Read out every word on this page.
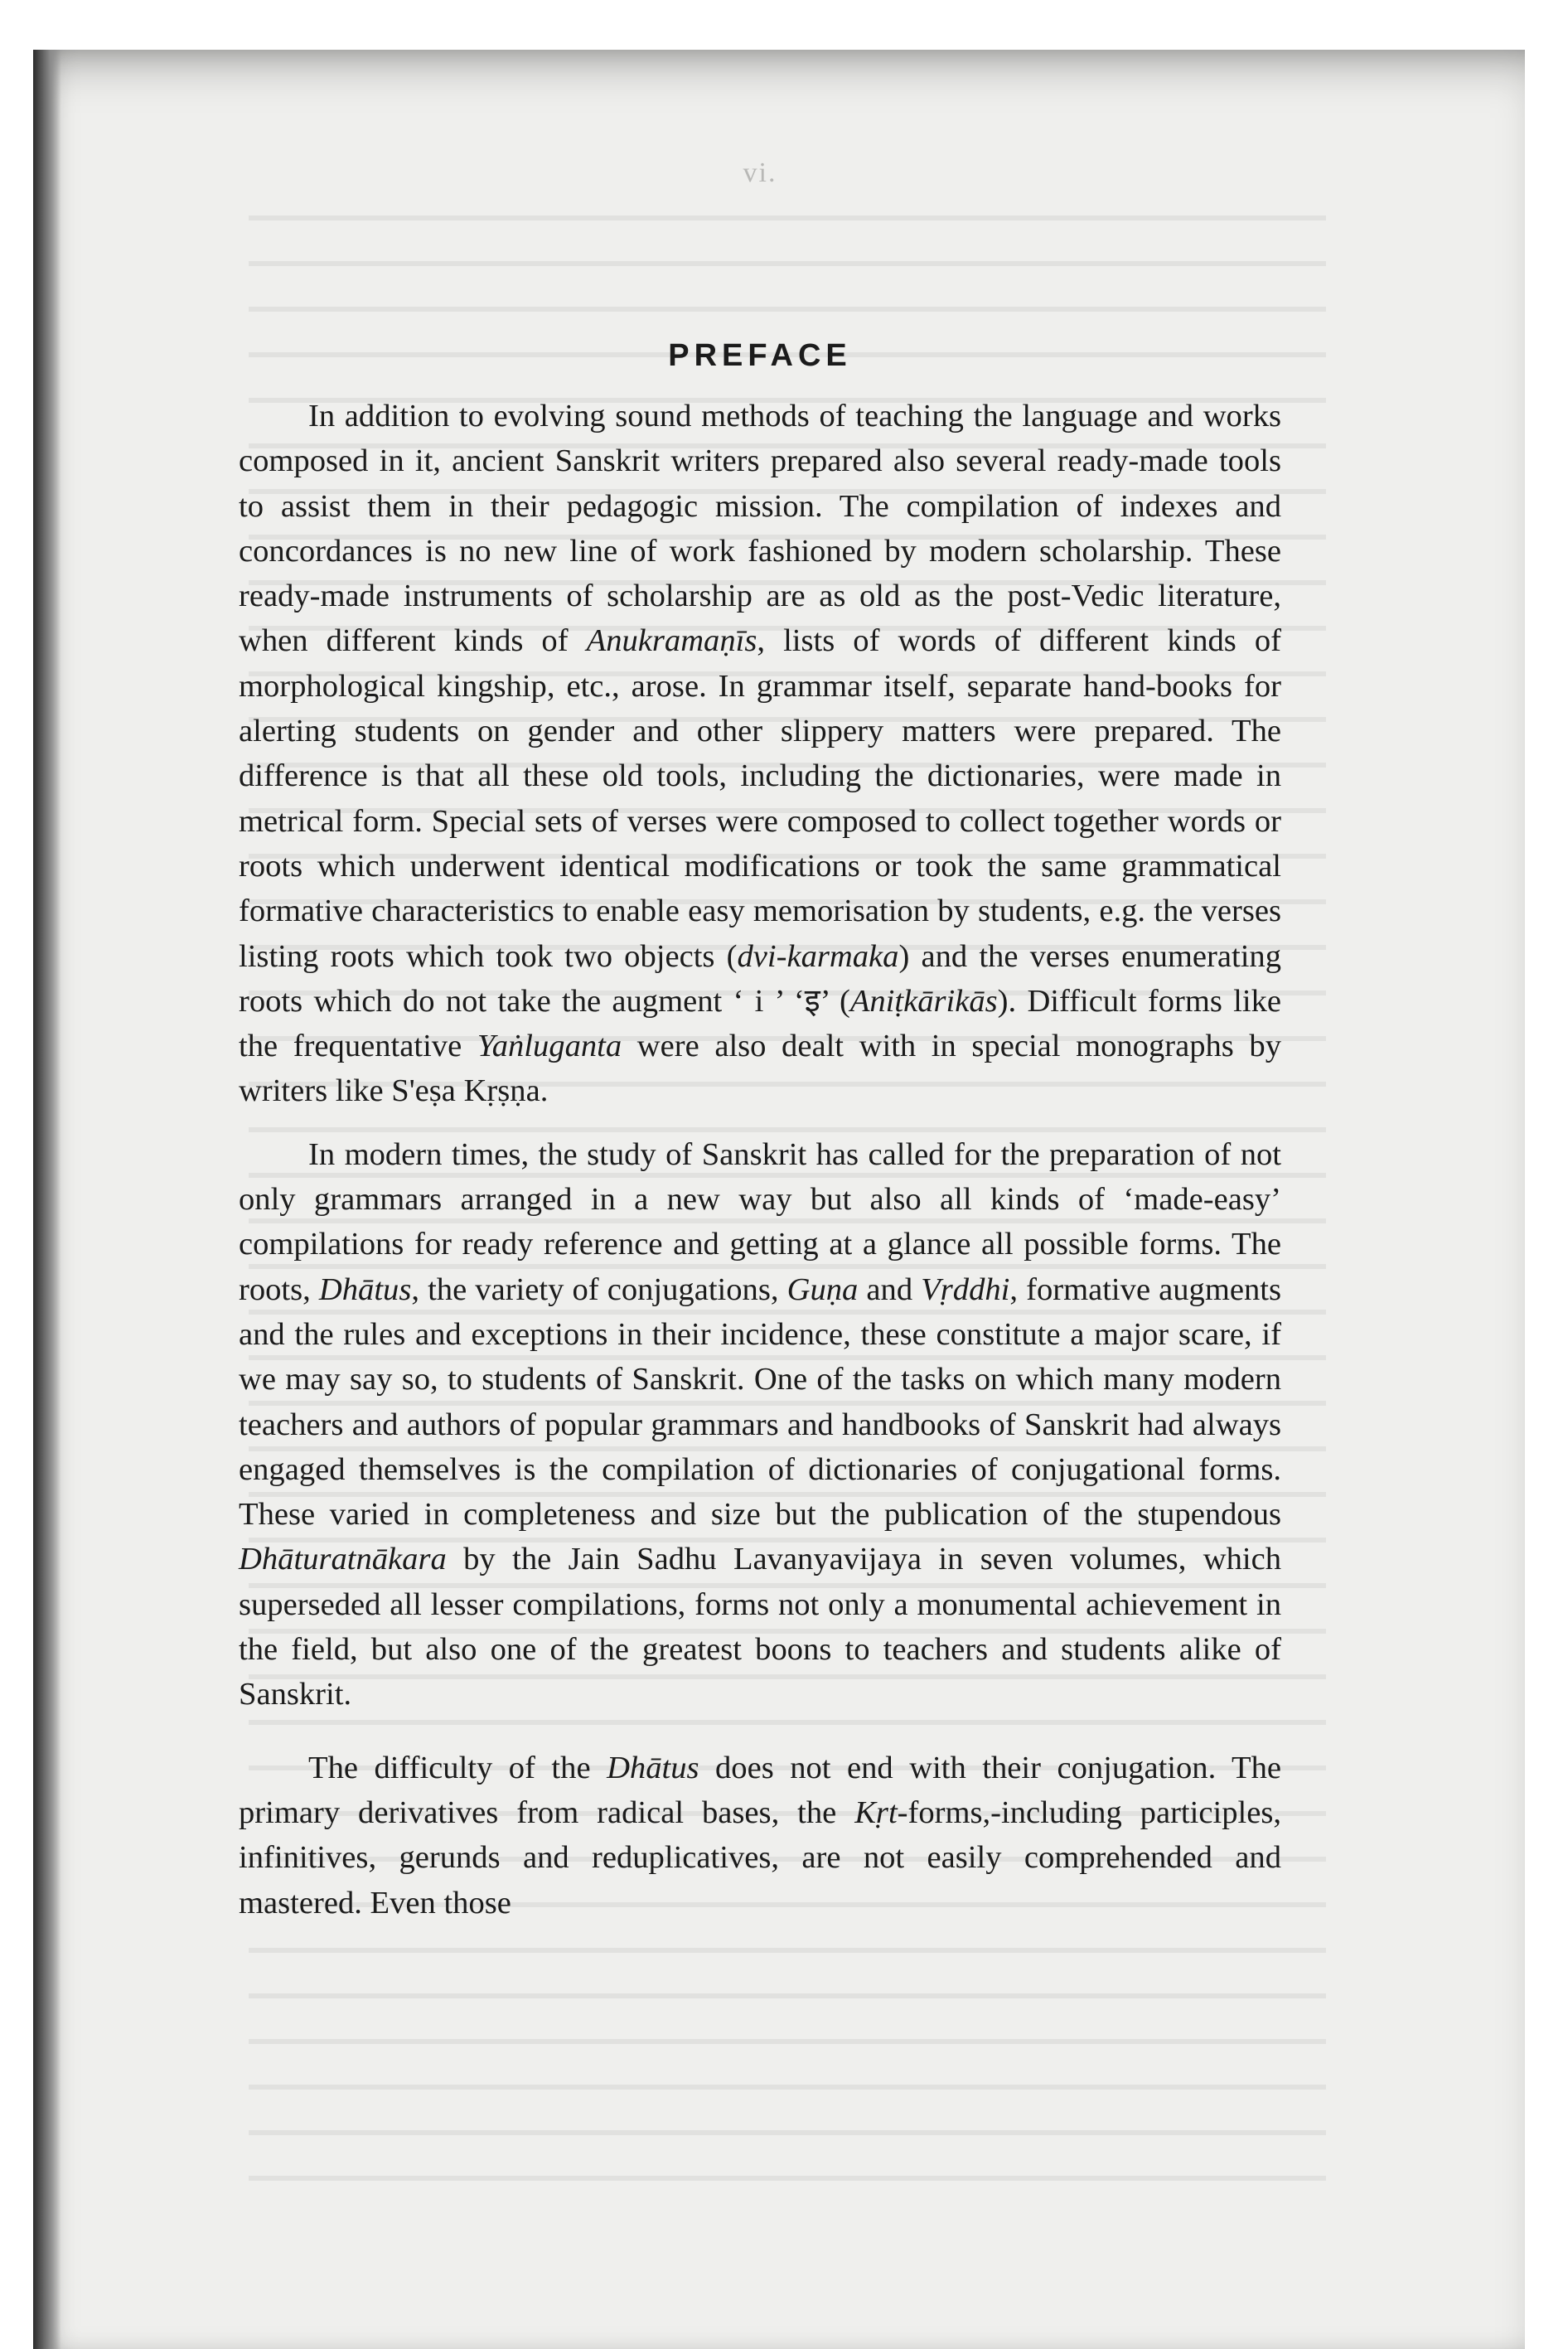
vi.
PREFACE

In addition to evolving sound methods of teaching the language and works composed in it, ancient Sanskrit writers prepared also several ready-made tools to assist them in their pedagogic mission. The compilation of indexes and concordances is no new line of work fashioned by modern scholarship. These ready-made instruments of scholarship are as old as the post-Vedic literature, when different kinds of Anukramaṇīs, lists of words of different kinds of morphological kingship, etc., arose. In grammar itself, separate hand-books for alerting students on gender and other slippery matters were prepared. The difference is that all these old tools, including the dictionaries, were made in metrical form. Special sets of verses were composed to collect together words or roots which underwent identical modifications or took the same grammatical formative characteristics to enable easy memorisation by students, e.g. the verses listing roots which took two objects (dvi-karmaka) and the verses enumerating roots which do not take the augment ‘ i ’ ‘इ’ (Aniṭkārikās). Difficult forms like the frequentative Yaṅluganta were also dealt with in special monographs by writers like S'eṣa Kṛṣṇa.

In modern times, the study of Sanskrit has called for the preparation of not only grammars arranged in a new way but also all kinds of ‘made-easy’ compilations for ready reference and getting at a glance all possible forms. The roots, Dhātus, the variety of conjugations, Guṇa and Vṛddhi, formative augments and the rules and exceptions in their incidence, these constitute a major scare, if we may say so, to students of Sanskrit. One of the tasks on which many modern teachers and authors of popular grammars and handbooks of Sanskrit had always engaged themselves is the compilation of dictionaries of conjugational forms. These varied in completeness and size but the publication of the stupendous Dhāturatnākara by the Jain Sadhu Lavanyavijaya in seven volumes, which superseded all lesser compilations, forms not only a monumental achievement in the field, but also one of the greatest boons to teachers and students alike of Sanskrit.

The difficulty of the Dhātus does not end with their conjugation. The primary derivatives from radical bases, the Kṛt-forms,-including participles, infinitives, gerunds and reduplicatives, are not easily comprehended and mastered. Even those
